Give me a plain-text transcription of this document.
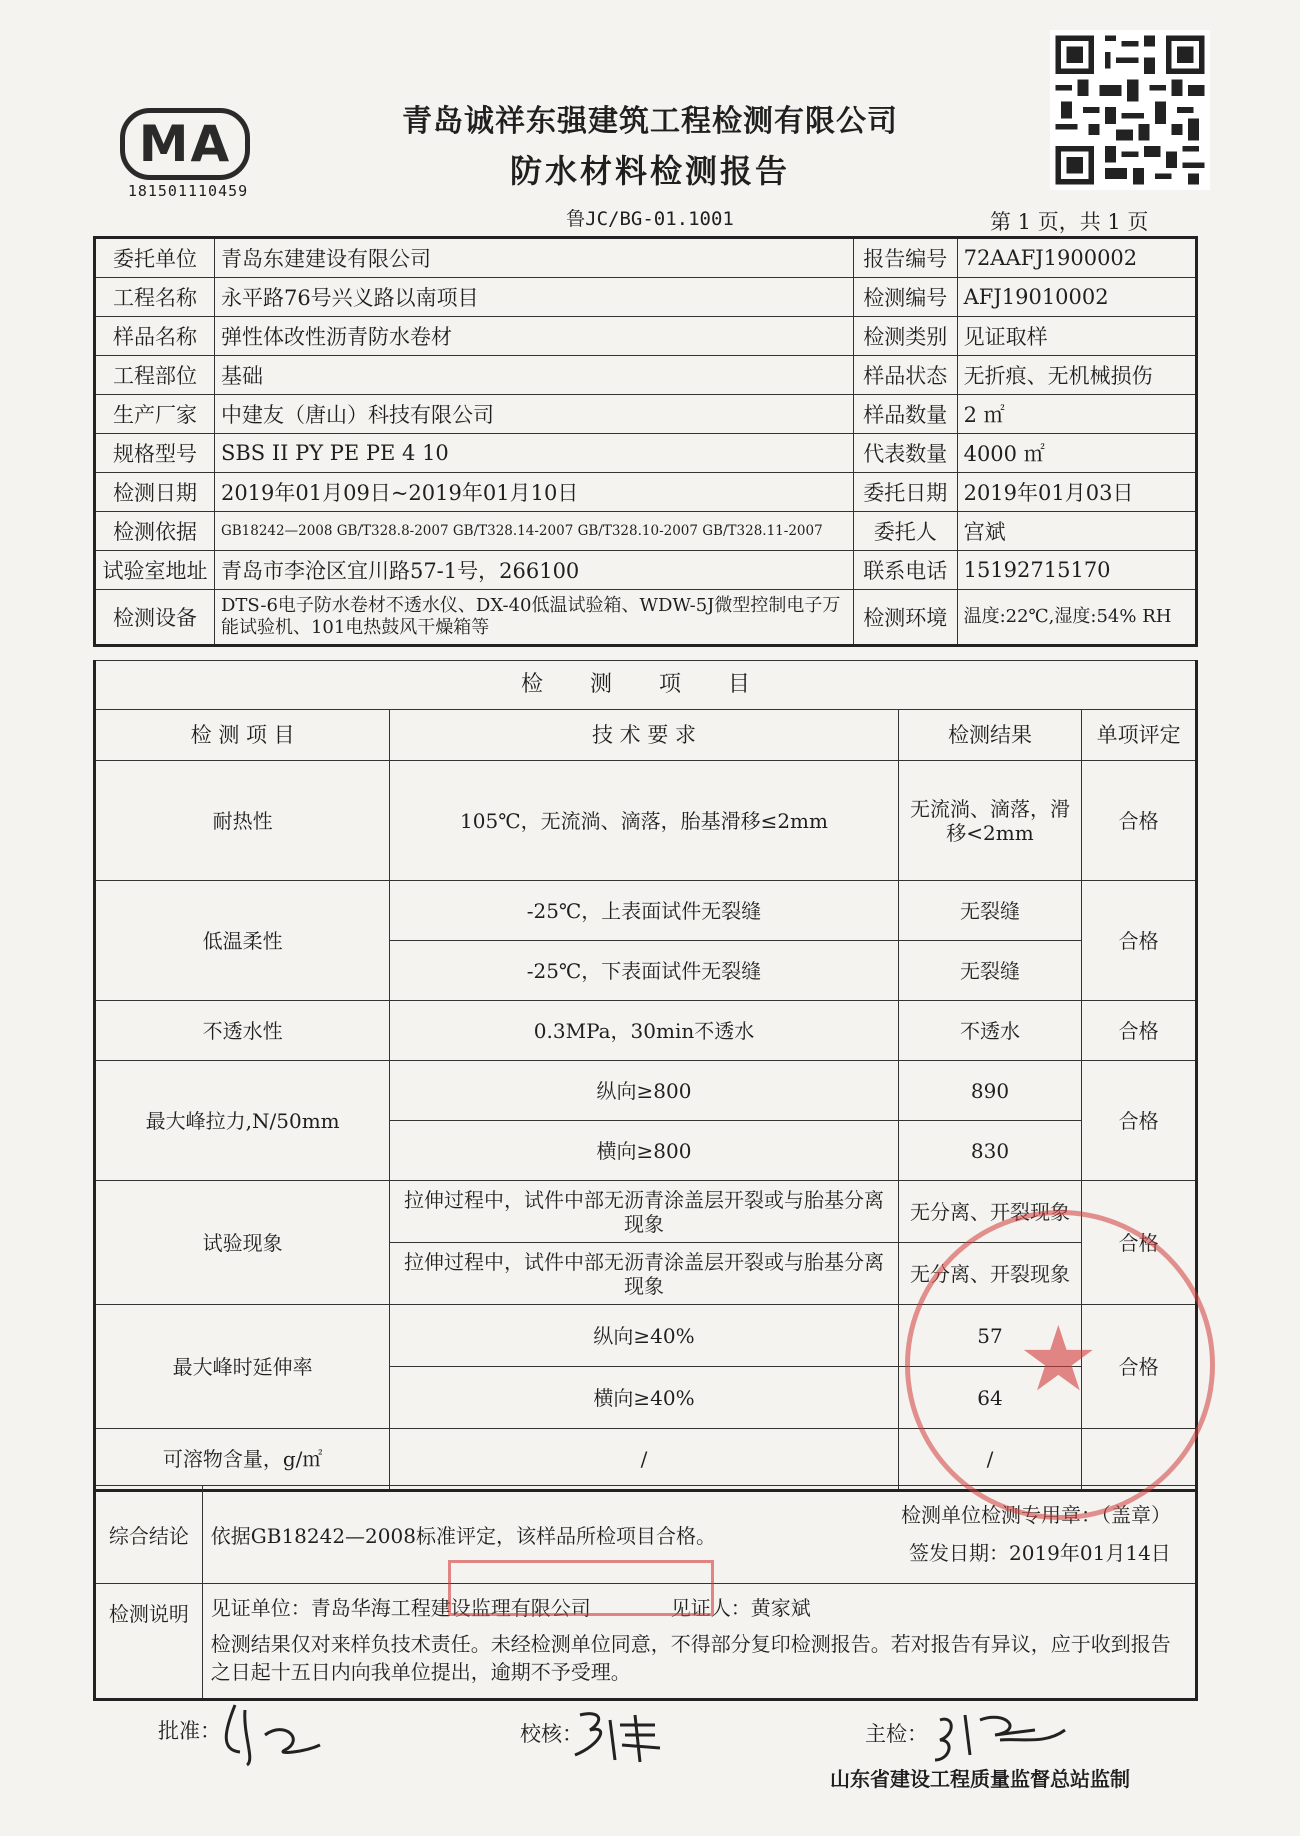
MA
181501110459
青岛诚祥东强建筑工程检测有限公司
防水材料检测报告
鲁JC/BG-01.1001	第 1 页，共 1 页
委托单位	青岛东建建设有限公司	报告编号	72AAFJ1900002
工程名称	永平路76号兴义路以南项目	检测编号	AFJ19010002
样品名称	弹性体改性沥青防水卷材	检测类别	见证取样
工程部位	基础	样品状态	无折痕、无机械损伤
生产厂家	中建友（唐山）科技有限公司	样品数量	2 ㎡
规格型号	SBS II PY PE PE 4 10	代表数量	4000 ㎡
检测日期	2019年01月09日~2019年01月10日	委托日期	2019年01月03日
检测依据	GB18242—2008 GB/T328.8-2007 GB/T328.14-2007 GB/T328.10-2007 GB/T328.11-2007	委托人	宫斌
试验室地址	青岛市李沧区宜川路57-1号，266100	联系电话	15192715170
检测设备	DTS-6电子防水卷材不透水仪、DX-40低温试验箱、WDW-5J微型控制电子万能试验机、101电热鼓风干燥箱等	检测环境	温度:22℃,湿度:54% RH
检 测 项 目			
检 测 项 目	技 术 要 求	检测结果	单项评定
耐热性	105℃，无流淌、滴落，胎基滑移≤2mm	无流淌、滴落，滑移<2mm	合格
低温柔性	-25℃，上表面试件无裂缝	无裂缝	合格
	-25℃，下表面试件无裂缝	无裂缝	
不透水性	0.3MPa，30min不透水	不透水	合格
最大峰拉力,N/50mm	纵向≥800	890	合格
	横向≥800	830	
试验现象	拉伸过程中，试件中部无沥青涂盖层开裂或与胎基分离现象	无分离、开裂现象	合格
	拉伸过程中，试件中部无沥青涂盖层开裂或与胎基分离现象	无分离、开裂现象	
最大峰时延伸率	纵向≥40%	57	合格
	横向≥40%	64	
可溶物含量，g/㎡	/	/	
综合结论	依据GB18242—2008标准评定，该样品所检项目合格。
检测单位检测专用章：（盖章）
签发日期：2019年01月14日

检测说明	见证单位：青岛华海工程建设监理有限公司 见证人：黄家斌
检测结果仅对来样负技术责任。未经检测单位同意，不得部分复印检测报告。若对报告有异议，应于收到报告之日起十五日内向我单位提出，逾期不予受理。
批准：	校核：	主检：
山东省建设工程质量监督总站监制
★
